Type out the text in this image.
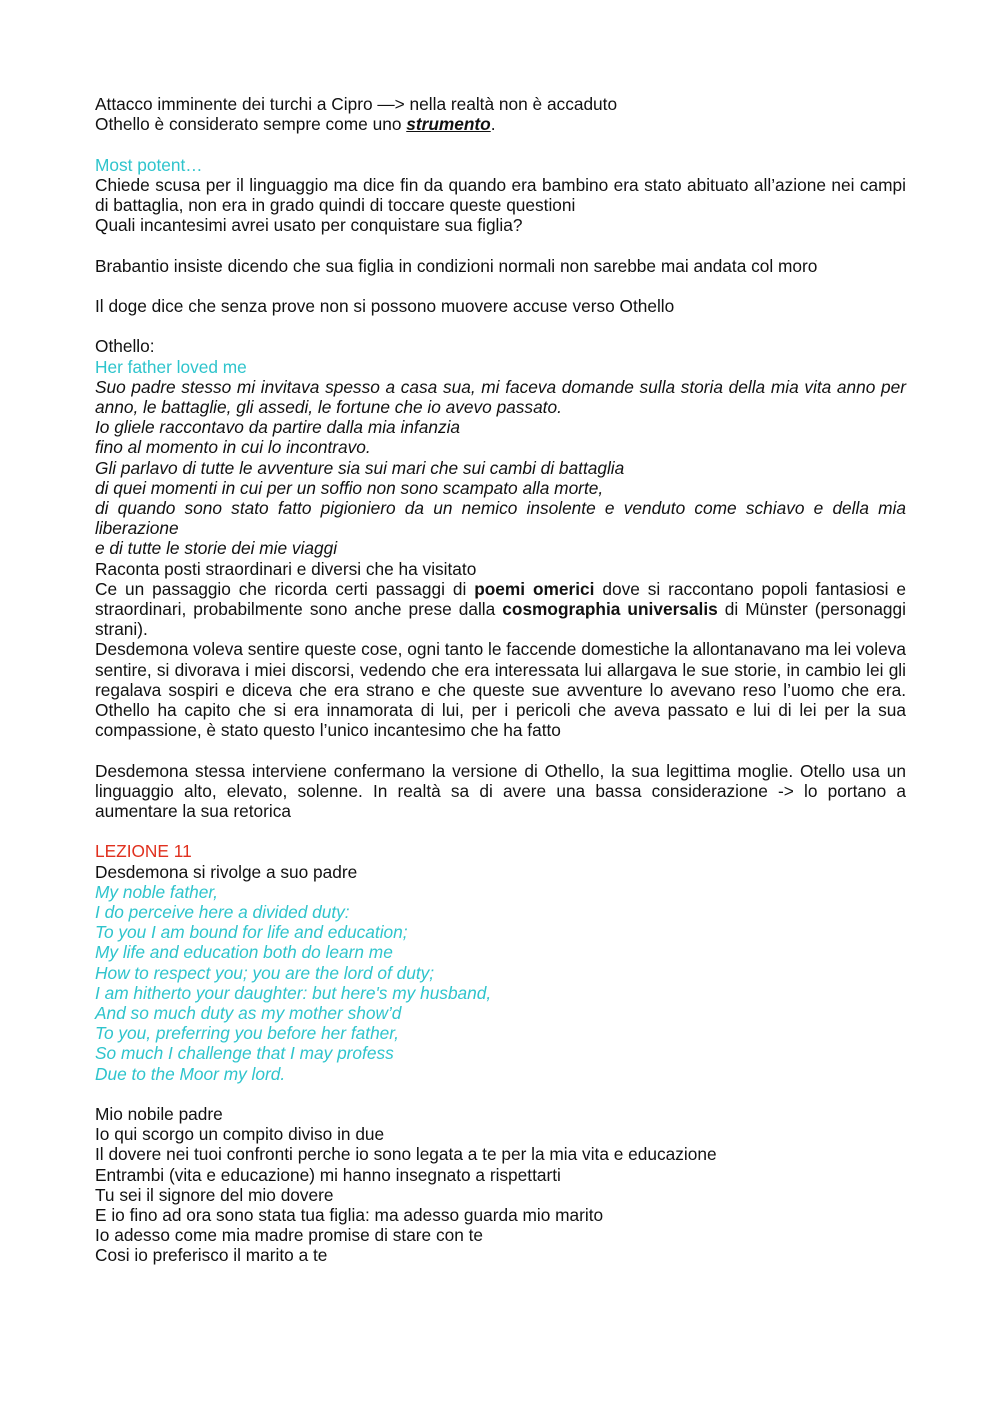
Attacco imminente dei turchi a Cipro —> nella realtà non è accaduto
Othello è considerato sempre come uno strumento.
Most potent…
Chiede scusa per il linguaggio ma dice fin da quando era bambino era stato abituato all’azione nei campi di battaglia, non era in grado quindi di toccare queste questioni
Quali incantesimi avrei usato per conquistare sua figlia?
Brabantio insiste dicendo che sua figlia in condizioni normali non sarebbe mai andata col moro
Il doge dice che senza prove non si possono muovere accuse verso Othello
Othello:
Her father loved me
Suo padre stesso mi invitava spesso a casa sua, mi faceva domande sulla storia della mia vita anno per anno, le battaglie, gli assedi, le fortune che io avevo passato.
Io gliele raccontavo da partire dalla mia infanzia
fino al momento in cui lo incontravo.
Gli parlavo di tutte le avventure sia sui mari che sui cambi di battaglia
di quei momenti in cui per un soffio non sono scampato alla morte,
di quando sono stato fatto pigioniero da un nemico insolente e venduto come schiavo e della mia liberazione
e di tutte le storie dei mie viaggi
Raconta posti straordinari e diversi che ha visitato
Ce un passaggio che ricorda certi passaggi di poemi omerici dove si raccontano popoli fantasiosi e straordinari, probabilmente sono anche prese dalla cosmographia universalis di Münster (personaggi strani).
Desdemona voleva sentire queste cose, ogni tanto le faccende domestiche la allontanavano ma lei voleva sentire, si divorava i miei discorsi, vedendo che era interessata lui allargava le sue storie, in cambio lei gli regalava sospiri e diceva che era strano e che queste sue avventure lo avevano reso l’uomo che era. Othello ha capito che si era innamorata di lui, per i pericoli che aveva passato e lui di lei per la sua compassione, è stato questo l’unico incantesimo che ha fatto
Desdemona stessa interviene confermano la versione di Othello, la sua legittima moglie. Otello usa un linguaggio alto, elevato, solenne. In realtà sa di avere una bassa considerazione -> lo portano a aumentare la sua retorica
LEZIONE 11
Desdemona si rivolge a suo padre
My noble father,
I do perceive here a divided duty:
To you I am bound for life and education;
My life and education both do learn me
How to respect you; you are the lord of duty;
I am hitherto your daughter: but here's my husband,
And so much duty as my mother show’d
To you, preferring you before her father,
So much I challenge that I may profess
Due to the Moor my lord.
Mio nobile padre
Io qui scorgo un compito diviso in due
Il dovere nei tuoi confronti perche io sono legata a te per la mia vita e educazione
Entrambi (vita e educazione) mi hanno insegnato a rispettarti
Tu sei il signore del mio dovere
E io fino ad ora sono stata tua figlia: ma adesso guarda mio marito
Io adesso come mia madre promise di stare con te
Cosi io preferisco il marito a te
